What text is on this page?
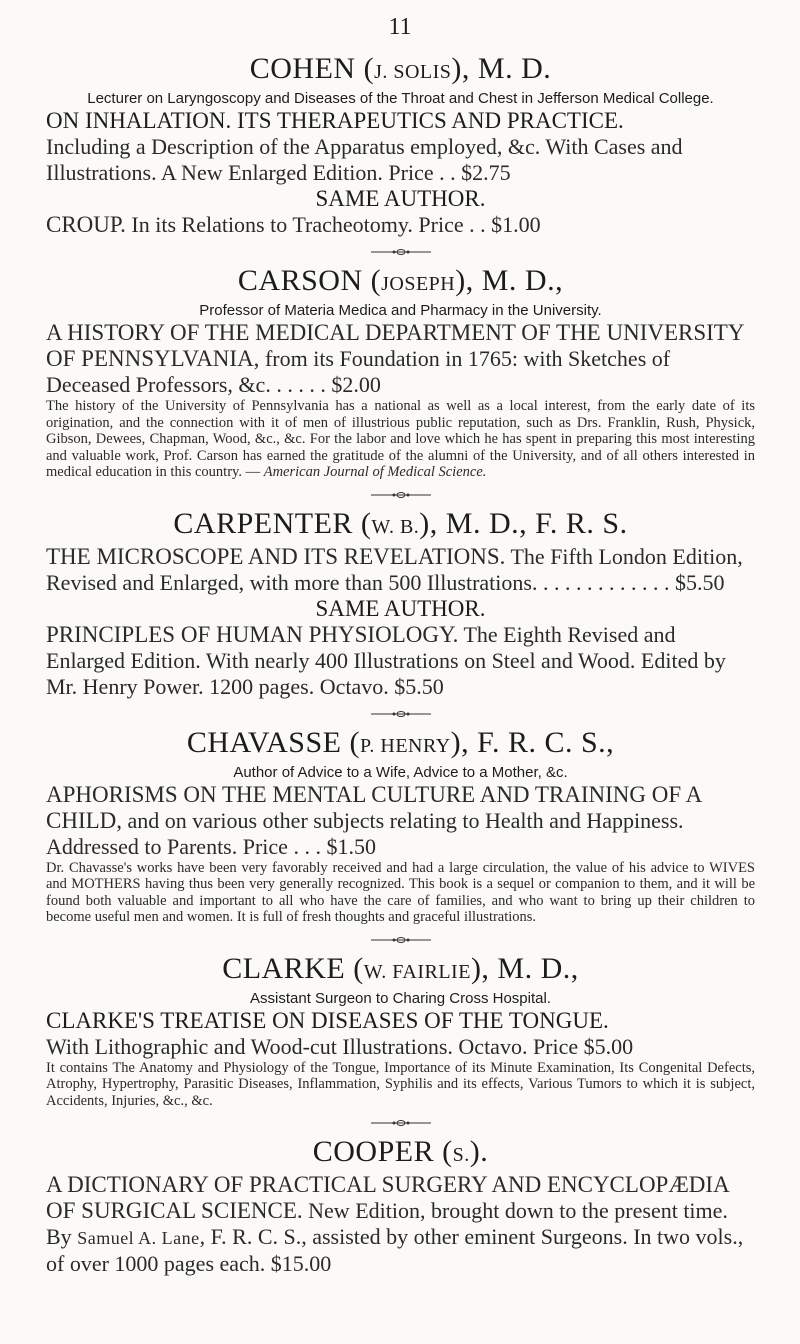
11
COHEN (J. SOLIS), M. D.
Lecturer on Laryngoscopy and Diseases of the Throat and Chest in Jefferson Medical College.
ON INHALATION. ITS THERAPEUTICS AND PRACTICE.
Including a Description of the Apparatus employed, &c. With Cases and Illustrations. A New Enlarged Edition. Price . . $2.75
SAME AUTHOR.
CROUP. In its Relations to Tracheotomy. Price . . $1.00
CARSON (JOSEPH), M. D.,
Professor of Materia Medica and Pharmacy in the University.
A HISTORY OF THE MEDICAL DEPARTMENT OF THE UNIVERSITY OF PENNSYLVANIA, from its Foundation in 1765: with Sketches of Deceased Professors, &c. . . . . . $2.00
The history of the University of Pennsylvania has a national as well as a local interest, from the early date of its origination, and the connection with it of men of illustrious public reputation, such as Drs. Franklin, Rush, Physick, Gibson, Dewees, Chapman, Wood, &c., &c. For the labor and love which he has spent in preparing this most interesting and valuable work, Prof. Carson has earned the gratitude of the alumni of the University, and of all others interested in medical education in this country. — American Journal of Medical Science.
CARPENTER (W. B.), M. D., F. R. S.
THE MICROSCOPE AND ITS REVELATIONS. The Fifth London Edition, Revised and Enlarged, with more than 500 Illustrations. . . . . . . . . . . . . $5.50
SAME AUTHOR.
PRINCIPLES OF HUMAN PHYSIOLOGY. The Eighth Revised and Enlarged Edition. With nearly 400 Illustrations on Steel and Wood. Edited by Mr. Henry Power. 1200 pages. Octavo. $5.50
CHAVASSE (P. HENRY), F. R. C. S.,
Author of Advice to a Wife, Advice to a Mother, &c.
APHORISMS ON THE MENTAL CULTURE AND TRAINING OF A CHILD, and on various other subjects relating to Health and Happiness. Addressed to Parents. Price . . . $1.50
Dr. Chavasse's works have been very favorably received and had a large circulation, the value of his advice to WIVES and MOTHERS having thus been very generally recognized. This book is a sequel or companion to them, and it will be found both valuable and important to all who have the care of families, and who want to bring up their children to become useful men and women. It is full of fresh thoughts and graceful illustrations.
CLARKE (W. FAIRLIE), M. D.,
Assistant Surgeon to Charing Cross Hospital.
CLARKE'S TREATISE ON DISEASES OF THE TONGUE.
With Lithographic and Wood-cut Illustrations. Octavo. Price $5.00
It contains The Anatomy and Physiology of the Tongue, Importance of its Minute Examination, Its Congenital Defects, Atrophy, Hypertrophy, Parasitic Diseases, Inflammation, Syphilis and its effects, Various Tumors to which it is subject, Accidents, Injuries, &c., &c.
COOPER (S.).
A DICTIONARY OF PRACTICAL SURGERY AND ENCYCLOPÆDIA OF SURGICAL SCIENCE. New Edition, brought down to the present time. By Samuel A. Lane, F. R. C. S., assisted by other eminent Surgeons. In two vols., of over 1000 pages each. $15.00
